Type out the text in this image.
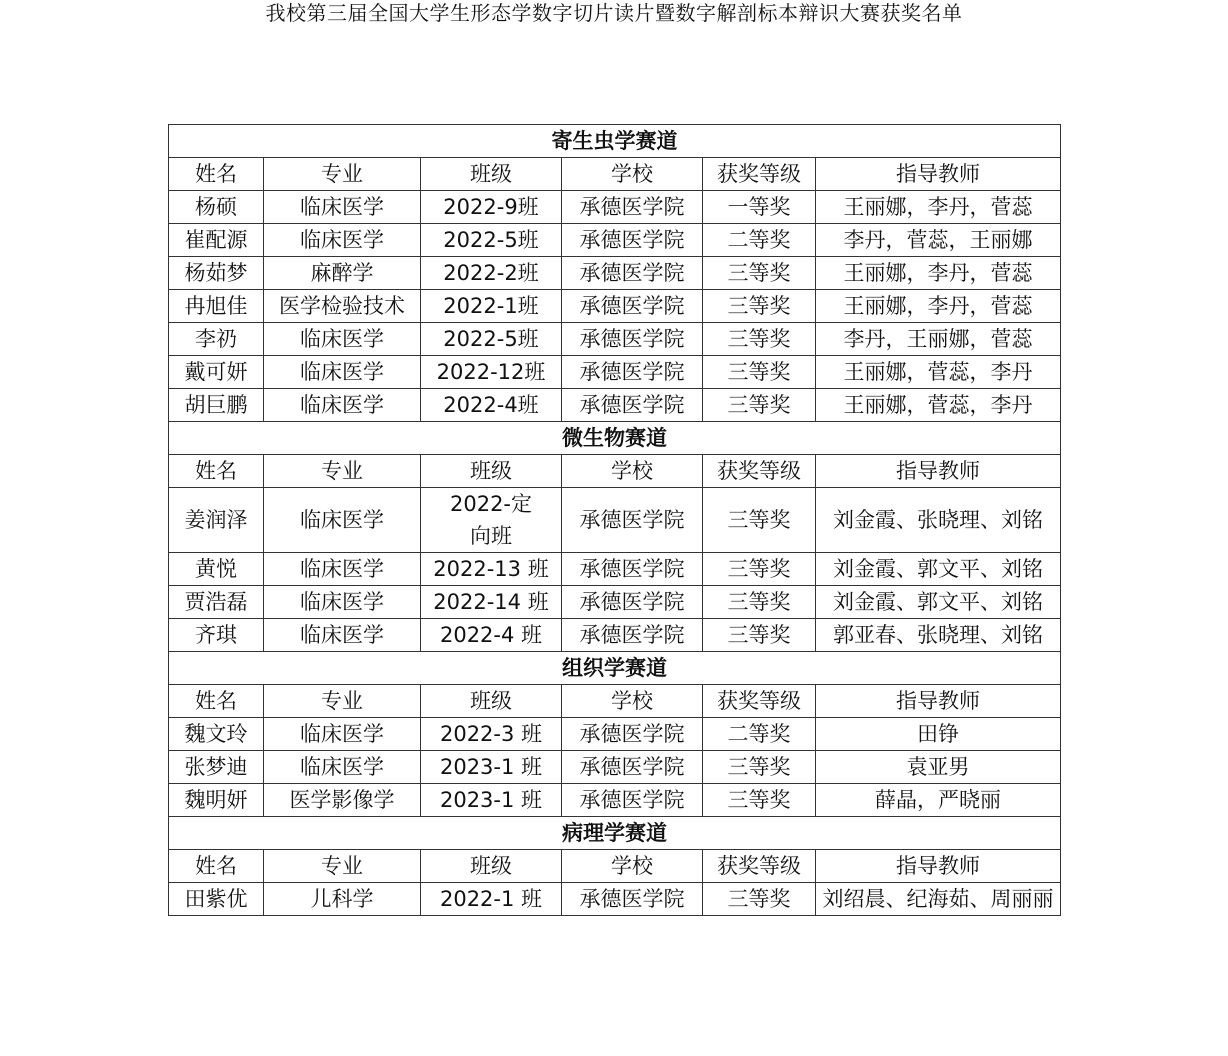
我校第三届全国大学生形态学数字切片读片暨数字解剖标本辩识大赛获奖名单
寄生虫学赛道					
姓名	专业	班级	学校	获奖等级	指导教师
杨硕	临床医学	2022-9班	承德医学院	一等奖	王丽娜，李丹，菅蕊
崔配源	临床医学	2022-5班	承德医学院	二等奖	李丹，菅蕊，王丽娜
杨茹梦	麻醉学	2022-2班	承德医学院	三等奖	王丽娜，李丹，菅蕊
冉旭佳	医学检验技术	2022-1班	承德医学院	三等奖	王丽娜，李丹，菅蕊
李礽	临床医学	2022-5班	承德医学院	三等奖	李丹，王丽娜，菅蕊
戴可妍	临床医学	2022-12班	承德医学院	三等奖	王丽娜，菅蕊，李丹
胡巨鹏	临床医学	2022-4班	承德医学院	三等奖	王丽娜，菅蕊，李丹
微生物赛道					
姓名	专业	班级	学校	获奖等级	指导教师
姜润泽	临床医学	2022-定向班	承德医学院	三等奖	刘金霞、张晓理、刘铭
黄悦	临床医学	2022-13 班	承德医学院	三等奖	刘金霞、郭文平、刘铭
贾浩磊	临床医学	2022-14 班	承德医学院	三等奖	刘金霞、郭文平、刘铭
齐琪	临床医学	2022-4 班	承德医学院	三等奖	郭亚春、张晓理、刘铭
组织学赛道					
姓名	专业	班级	学校	获奖等级	指导教师
魏文玲	临床医学	2022-3 班	承德医学院	二等奖	田铮
张梦迪	临床医学	2023-1 班	承德医学院	三等奖	袁亚男
魏明妍	医学影像学	2023-1 班	承德医学院	三等奖	薛晶，严晓丽
病理学赛道					
姓名	专业	班级	学校	获奖等级	指导教师
田紫优	儿科学	2022-1 班	承德医学院	三等奖	刘绍晨、纪海茹、周丽丽
